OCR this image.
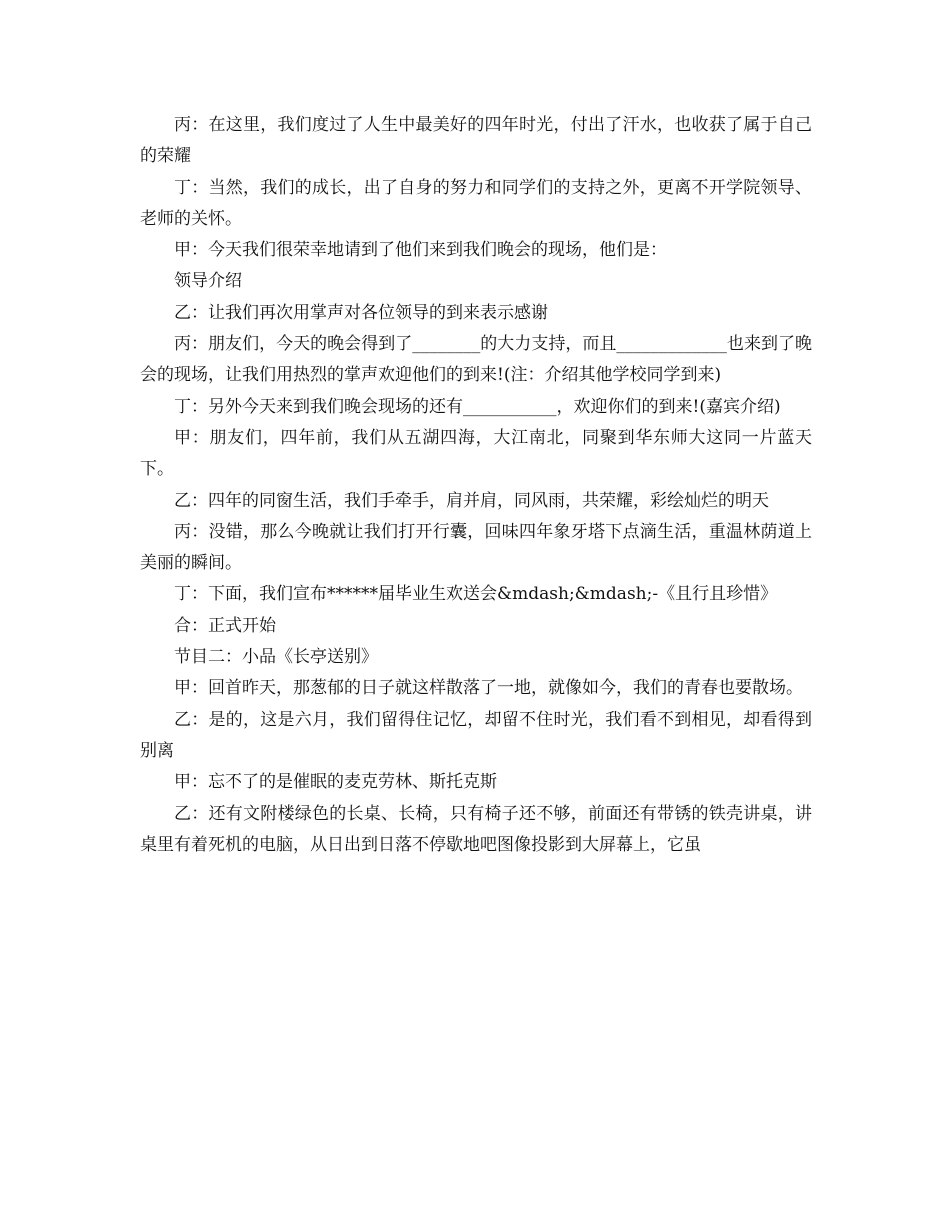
丙：在这里，我们度过了人生中最美好的四年时光，付出了汗水，也收获了属于自己的荣耀

丁：当然，我们的成长，出了自身的努力和同学们的支持之外，更离不开学院领导、老师的关怀。

甲：今天我们很荣幸地请到了他们来到我们晚会的现场，他们是：

领导介绍

乙：让我们再次用掌声对各位领导的到来表示感谢

丙：朋友们，今天的晚会得到了________的大力支持，而且_____________也来到了晚会的现场，让我们用热烈的掌声欢迎他们的到来!(注：介绍其他学校同学到来)

丁：另外今天来到我们晚会现场的还有___________，欢迎你们的到来!(嘉宾介绍)

甲：朋友们，四年前，我们从五湖四海，大江南北，同聚到华东师大这同一片蓝天下。

乙：四年的同窗生活，我们手牵手，肩并肩，同风雨，共荣耀，彩绘灿烂的明天

丙：没错，那么今晚就让我们打开行囊，回味四年象牙塔下点滴生活，重温林荫道上美丽的瞬间。

丁：下面，我们宣布******届毕业生欢送会&mdash;&mdash;-《且行且珍惜》

合：正式开始

节目二：小品《长亭送别》

甲：回首昨天，那葱郁的日子就这样散落了一地，就像如今，我们的青春也要散场。

乙：是的，这是六月，我们留得住记忆，却留不住时光，我们看不到相见，却看得到别离

甲：忘不了的是催眠的麦克劳林、斯托克斯

乙：还有文附楼绿色的长桌、长椅，只有椅子还不够，前面还有带锈的铁壳讲桌，讲桌里有着死机的电脑，从日出到日落不停歇地吧图像投影到大屏幕上，它虽
